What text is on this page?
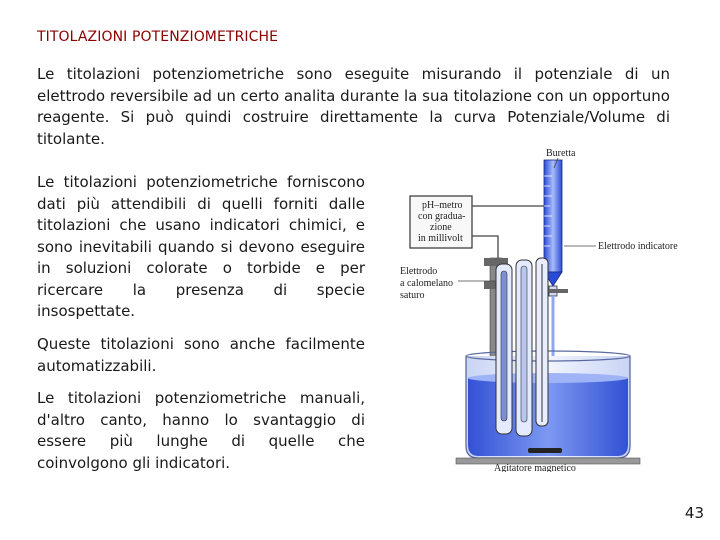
TITOLAZIONI POTENZIOMETRICHE

Le titolazioni potenziometriche sono eseguite misurando il potenziale di un elettrodo reversibile ad un certo analita durante la sua titolazione con un opportuno reagente. Si può quindi costruire direttamente la curva Potenziale/Volume di titolante.

Le titolazioni potenziometriche forniscono dati più attendibili di quelli forniti dalle titolazioni che usano indicatori chimici, e sono inevitabili quando si devono eseguire in soluzioni colorate o torbide e per ricercare la presenza di specie insospettate.

Queste titolazioni sono anche facilmente automatizzabili.

Le titolazioni potenziometriche manuali, d'altro canto, hanno lo svantaggio di essere più lunghe di quelle che coinvolgono gli indicatori.

pH–metro
con gradua-
zione
in millivolt
Buretta
Elettrodo
a calomelano
saturo
Elettrodo indicatore
Agitatore magnetico
43
